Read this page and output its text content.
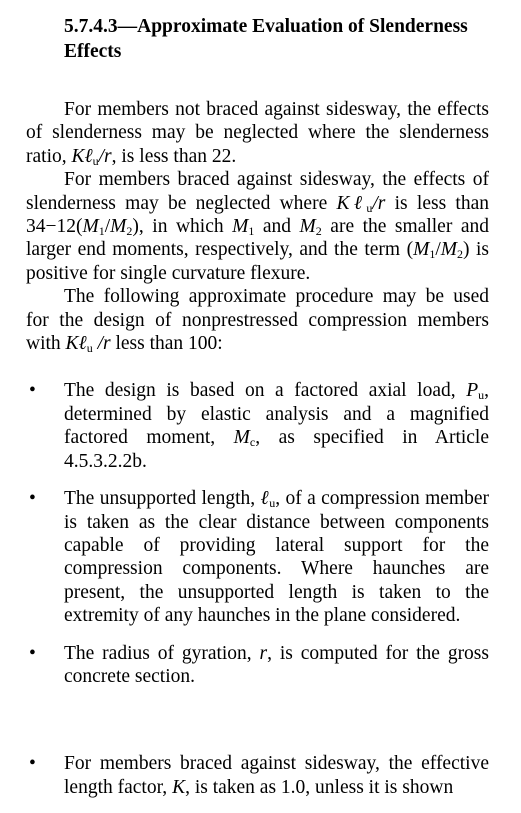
5.7.4.3—Approximate Evaluation of Slenderness Effects

For members not braced against sidesway, the effects of slenderness may be neglected where the slenderness ratio, Kℓ$_u$/r, is less than 22.

For members braced against sidesway, the effects of slenderness may be neglected where Kℓ$_u$/r is less than $34-12(M_1/M_2)$, in which $M_1$ and $M_2$ are the smaller and larger end moments, respectively, and the term $(M_1/M_2)$ is positive for single curvature flexure.

The following approximate procedure may be used for the design of nonprestressed compression members with Kℓ$_u$ /r less than 100:

• The design is based on a factored axial load, $P_u$, determined by elastic analysis and a magnified factored moment, $M_c$, as specified in Article 4.5.3.2.2b.
• The unsupported length, ℓ$_u$, of a compression member is taken as the clear distance between components capable of providing lateral support for the compression components. Where haunches are present, the unsupported length is taken to the extremity of any haunches in the plane considered.
• The radius of gyration, r, is computed for the gross concrete section.
• For members braced against sidesway, the effective length factor, K, is taken as 1.0, unless it is shown
